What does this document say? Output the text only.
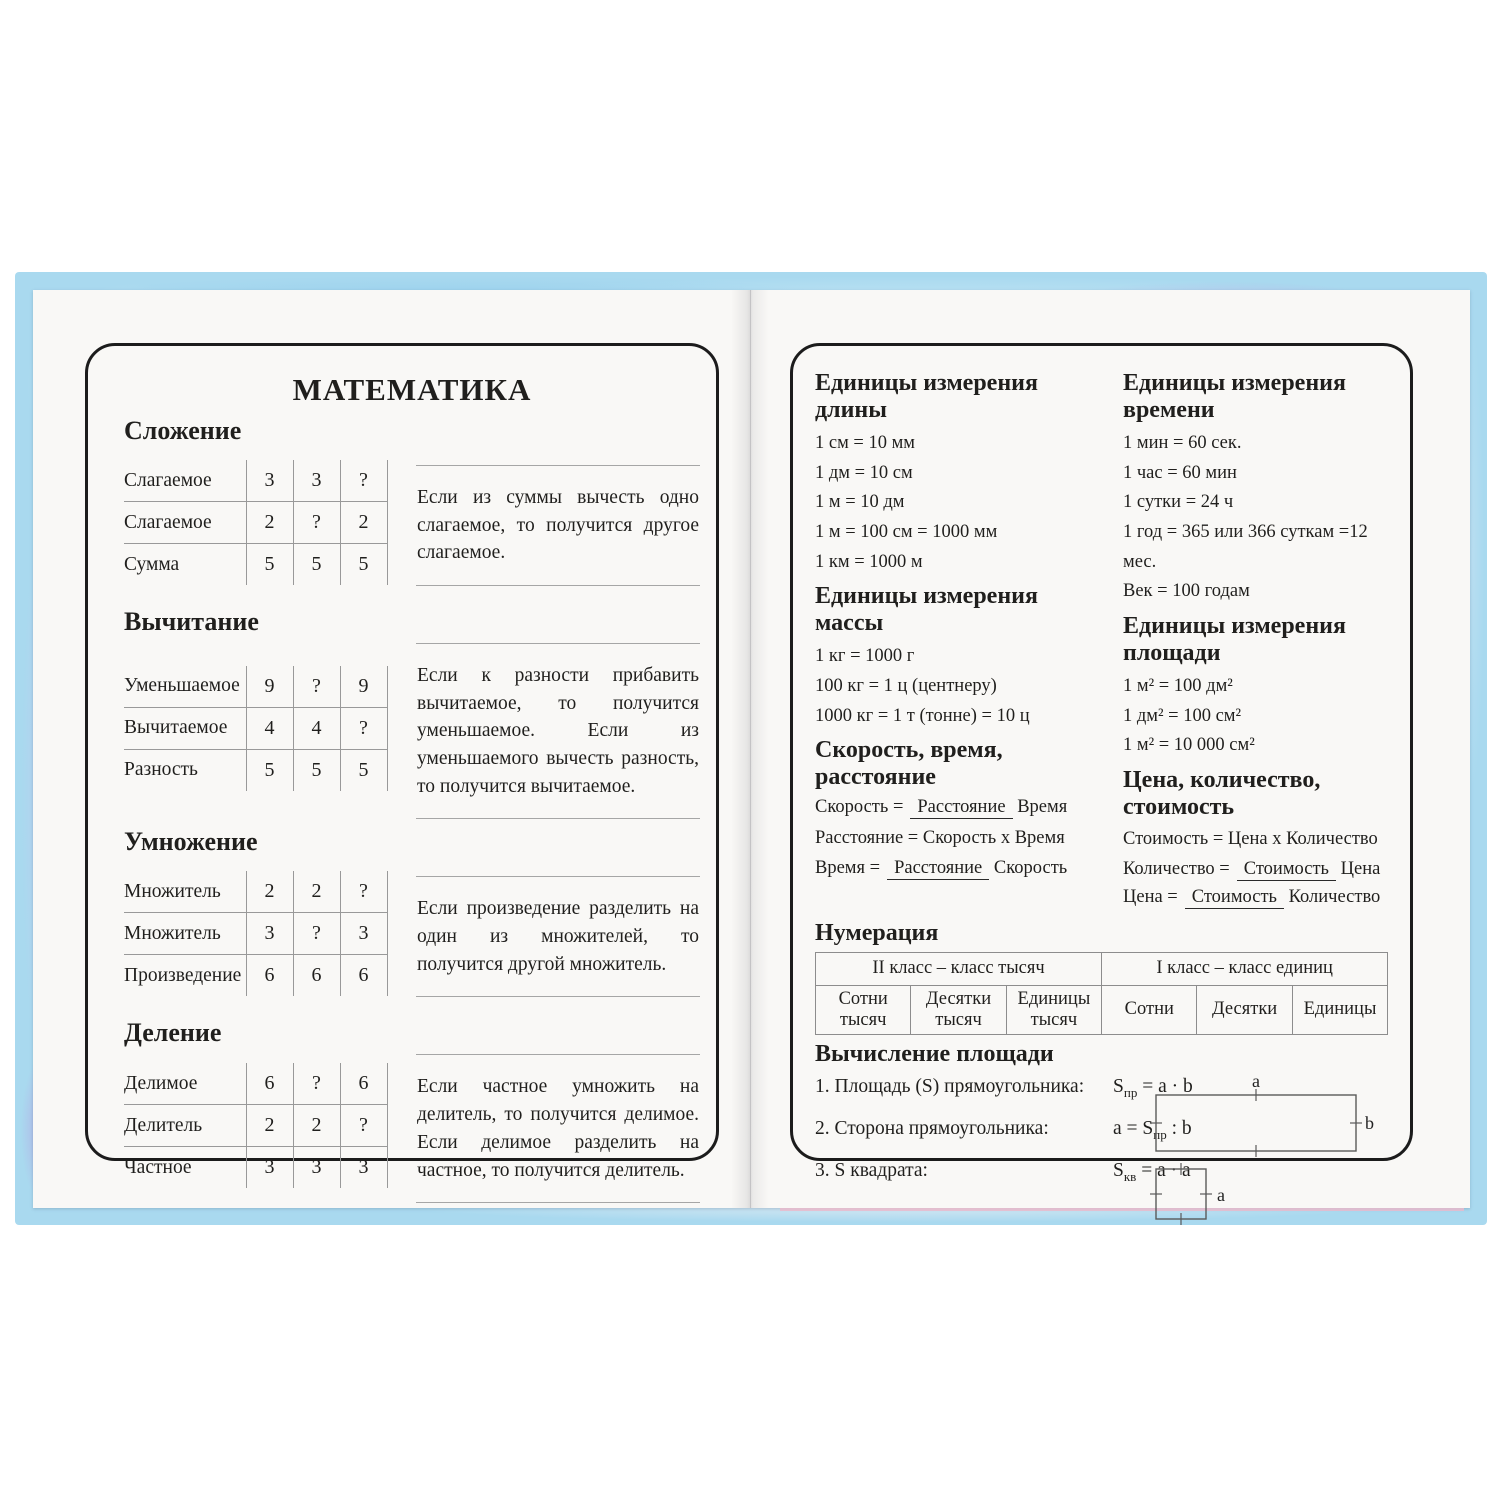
МАТЕМАТИКА
Сложение
Слагаемое	3	3	?
Слагаемое	2	?	2
Сумма	5	5	5

Если из суммы вычесть одно слагаемое, то получится другое слагаемое.

Вычитание
Уменьшаемое	9	?	9
Вычитаемое	4	4	?
Разность	5	5	5

Если к разности прибавить вычитаемое, то получится уменьшаемое. Если из уменьшаемого вычесть разность, то получится вычитаемое.

Умножение
Множитель	2	2	?
Множитель	3	?	3
Произведение	6	6	6

Если произведение разделить на один из множителей, то получится другой множитель.

Деление
Делимое	6	?	6
Делитель	2	2	?
Частное	3	3	3

Если частное умножить на делитель, то получится делимое. Если делимое разделить на частное, то получится делитель.

Единицы измерения длины
1 см = 10 мм
1 дм = 10 см
1 м = 10 дм
1 м = 100 см = 1000 мм
1 км = 1000 м
Единицы измерения массы
1 кг = 1000 г
100 кг = 1 ц (центнеру)
1000 кг = 1 т (тонне) = 10 ц
Скорость, время, расстояние
Скорость = Расстояние Время
Расстояние = Скорость x Время
Время = Расстояние Скорость
Единицы измерения времени
1 мин = 60 сек.
1 час = 60 мин
1 сутки = 24 ч
1 год = 365 или 366 суткам =12 мес.
Век = 100 годам
Единицы измерения площади
1 м² = 100 дм²
1 дм² = 100 см²
1 м² = 10 000 см²
Цена, количество, стоимость
Стоимость = Цена x Количество
Количество = Стоимость Цена
Цена = Стоимость Количество
Нумерация
II класс – класс тысяч			I класс – класс единиц		
Сотни тысяч	Десятки тысяч	Единицы тысяч	Сотни	Десятки	Единицы
Вычисление площади
1. Площадь (S) прямоугольника:	$S_{пр} = a \cdot b$
2. Сторона прямоугольника:	$a = S_{пр}$ : b
3. S квадрата:	$S_{кв} = a \cdot a$
a
b
a
